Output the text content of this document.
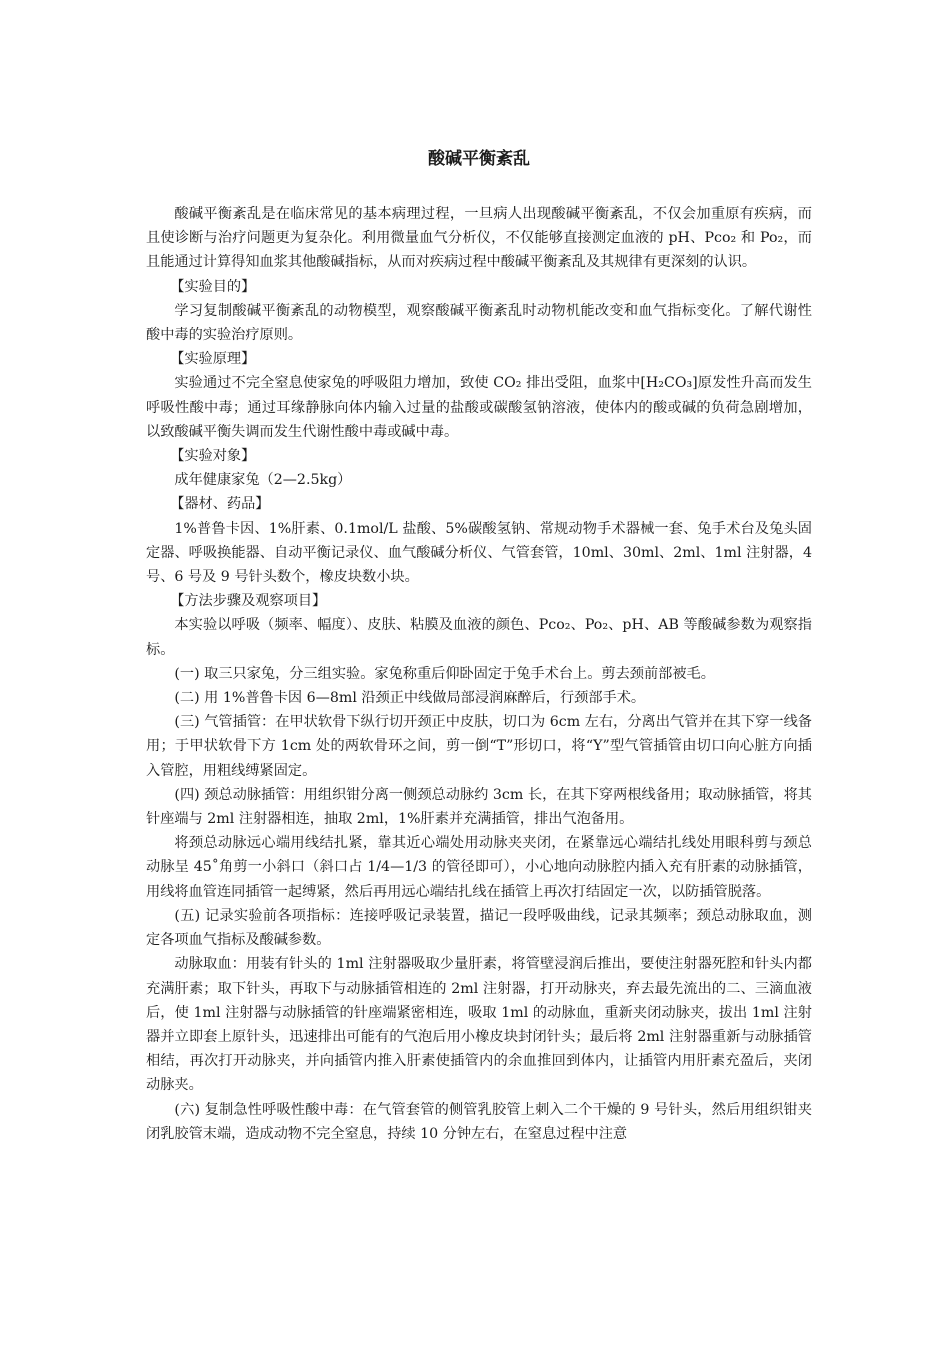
酸碱平衡紊乱

酸碱平衡紊乱是在临床常见的基本病理过程，一旦病人出现酸碱平衡紊乱，不仅会加重原有疾病，而且使诊断与治疗问题更为复杂化。利用微量血气分析仪，不仅能够直接测定血液的 pH、Pco₂ 和 Po₂，而且能通过计算得知血浆其他酸碱指标，从而对疾病过程中酸碱平衡紊乱及其规律有更深刻的认识。

【实验目的】

学习复制酸碱平衡紊乱的动物模型，观察酸碱平衡紊乱时动物机能改变和血气指标变化。了解代谢性酸中毒的实验治疗原则。

【实验原理】

实验通过不完全窒息使家兔的呼吸阻力增加，致使 CO₂ 排出受阻，血浆中[H₂CO₃]原发性升高而发生呼吸性酸中毒；通过耳缘静脉向体内输入过量的盐酸或碳酸氢钠溶液，使体内的酸或碱的负荷急剧增加，以致酸碱平衡失调而发生代谢性酸中毒或碱中毒。

【实验对象】

成年健康家兔（2—2.5kg）

【器材、药品】

1%普鲁卡因、1%肝素、0.1mol/L 盐酸、5%碳酸氢钠、常规动物手术器械一套、兔手术台及兔头固定器、呼吸换能器、自动平衡记录仪、血气酸碱分析仪、气管套管，10ml、30ml、2ml、1ml 注射器，4 号、6 号及 9 号针头数个，橡皮块数小块。

【方法步骤及观察项目】

本实验以呼吸（频率、幅度）、皮肤、粘膜及血液的颜色、Pco₂、Po₂、pH、AB 等酸碱参数为观察指标。

(一) 取三只家兔，分三组实验。家兔称重后仰卧固定于兔手术台上。剪去颈前部被毛。

(二) 用 1%普鲁卡因 6—8ml 沿颈正中线做局部浸润麻醉后，行颈部手术。

(三) 气管插管：在甲状软骨下纵行切开颈正中皮肤，切口为 6cm 左右，分离出气管并在其下穿一线备用；于甲状软骨下方 1cm 处的两软骨环之间，剪一倒“T”形切口，将“Y”型气管插管由切口向心脏方向插入管腔，用粗线缚紧固定。

(四) 颈总动脉插管：用组织钳分离一侧颈总动脉约 3cm 长，在其下穿两根线备用；取动脉插管，将其针座端与 2ml 注射器相连，抽取 2ml，1%肝素并充满插管，排出气泡备用。

将颈总动脉远心端用线结扎紧，靠其近心端处用动脉夹夹闭，在紧靠远心端结扎线处用眼科剪与颈总动脉呈 45˚角剪一小斜口（斜口占 1/4—1/3 的管径即可），小心地向动脉腔内插入充有肝素的动脉插管，用线将血管连同插管一起缚紧，然后再用远心端结扎线在插管上再次打结固定一次，以防插管脱落。

(五) 记录实验前各项指标：连接呼吸记录装置，描记一段呼吸曲线，记录其频率；颈总动脉取血，测定各项血气指标及酸碱参数。

动脉取血：用装有针头的 1ml 注射器吸取少量肝素，将管壁浸润后推出，要使注射器死腔和针头内都充满肝素；取下针头，再取下与动脉插管相连的 2ml 注射器，打开动脉夹，弃去最先流出的二、三滴血液后，使 1ml 注射器与动脉插管的针座端紧密相连，吸取 1ml 的动脉血，重新夹闭动脉夹，拔出 1ml 注射器并立即套上原针头，迅速排出可能有的气泡后用小橡皮块封闭针头；最后将 2ml 注射器重新与动脉插管相结，再次打开动脉夹，并向插管内推入肝素使插管内的余血推回到体内，让插管内用肝素充盈后，夹闭动脉夹。

(六) 复制急性呼吸性酸中毒：在气管套管的侧管乳胶管上刺入二个干燥的 9 号针头，然后用组织钳夹闭乳胶管末端，造成动物不完全窒息，持续 10 分钟左右，在窒息过程中注意
